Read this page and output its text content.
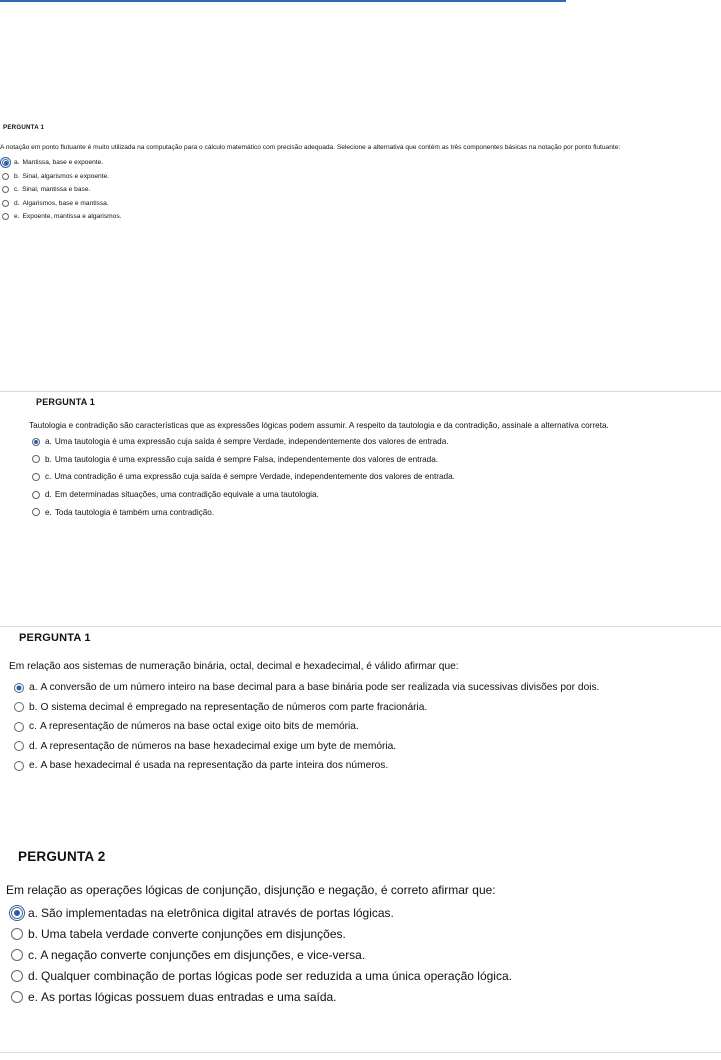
PERGUNTA 1
A notação em ponto flutuante é muito utilizada na computação para o cálculo matemático com precisão adequada. Selecione a alternativa que contém as três componentes básicas na notação por ponto flutuante:
a. Mantissa, base e expoente.
b. Sinal, algarismos e expoente.
c. Sinal, mantissa e base.
d. Algarismos, base e mantissa.
e. Expoente, mantissa e algarismos.
PERGUNTA 1
Tautologia e contradição são características que as expressões lógicas podem assumir. A respeito da tautologia e da contradição, assinale a alternativa correta.
a. Uma tautologia é uma expressão cuja saída é sempre Verdade, independentemente dos valores de entrada.
b. Uma tautologia é uma expressão cuja saída é sempre Falsa, independentemente dos valores de entrada.
c. Uma contradição é uma expressão cuja saída é sempre Verdade, independentemente dos valores de entrada.
d. Em determinadas situações, uma contradição equivale a uma tautologia.
e. Toda tautologia é também uma contradição.
PERGUNTA 1
Em relação aos sistemas de numeração binária, octal, decimal e hexadecimal, é válido afirmar que:
a. A conversão de um número inteiro na base decimal para a base binária pode ser realizada via sucessivas divisões por dois.
b. O sistema decimal é empregado na representação de números com parte fracionária.
c. A representação de números na base octal exige oito bits de memória.
d. A representação de números na base hexadecimal exige um byte de memória.
e. A base hexadecimal é usada na representação da parte inteira dos números.
PERGUNTA 2
Em relação as operações lógicas de conjunção, disjunção e negação, é correto afirmar que:
a. São implementadas na eletrônica digital através de portas lógicas.
b. Uma tabela verdade converte conjunções em disjunções.
c. A negação converte conjunções em disjunções, e vice-versa.
d. Qualquer combinação de portas lógicas pode ser reduzida a uma única operação lógica.
e. As portas lógicas possuem duas entradas e uma saída.
